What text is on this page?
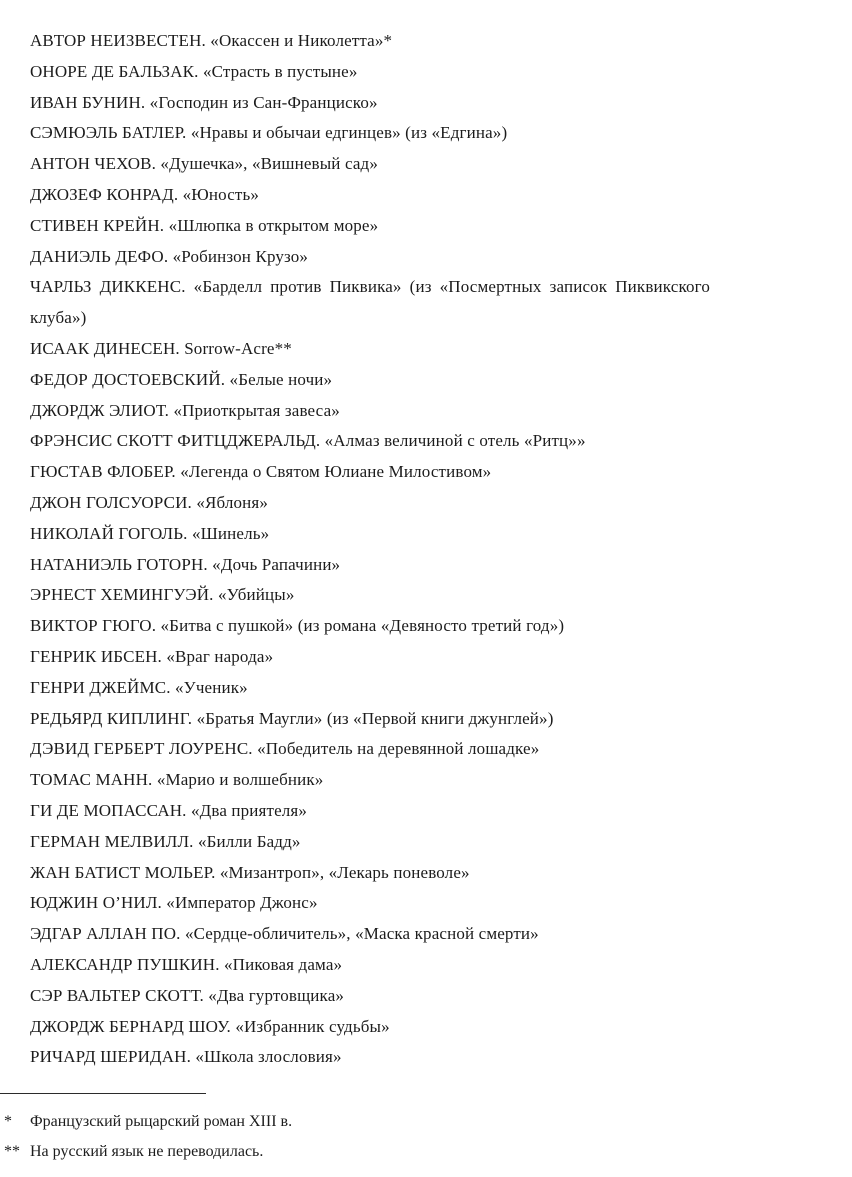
АВТОР НЕИЗВЕСТЕН. «Окассен и Николетта»*

ОНОРЕ ДЕ БАЛЬЗАК. «Страсть в пустыне»

ИВАН БУНИН. «Господин из Сан-Франциско»

СЭМЮЭЛЬ БАТЛЕР. «Нравы и обычаи едгинцев» (из «Едгина»)

АНТОН ЧЕХОВ. «Душечка», «Вишневый сад»

ДЖОЗЕФ КОНРАД. «Юность»

СТИВЕН КРЕЙН. «Шлюпка в открытом море»

ДАНИЭЛЬ ДЕФО. «Робинзон Крузо»

ЧАРЛЬЗ ДИККЕНС. «Барделл против Пиквика» (из «Посмертных записок Пиквикского клуба»)

ИСААК ДИНЕСЕН. Sorrow-Acre**

ФЕДОР ДОСТОЕВСКИЙ. «Белые ночи»

ДЖОРДЖ ЭЛИОТ. «Приоткрытая завеса»

ФРЭНСИС СКОТТ ФИТЦДЖЕРАЛЬД. «Алмаз величиной с отель «Ритц»»

ГЮСТАВ ФЛОБЕР. «Легенда о Святом Юлиане Милостивом»

ДЖОН ГОЛСУОРСИ. «Яблоня»

НИКОЛАЙ ГОГОЛЬ. «Шинель»

НАТАНИЭЛЬ ГОТОРН. «Дочь Рапачини»

ЭРНЕСТ ХЕМИНГУЭЙ. «Убийцы»

ВИКТОР ГЮГО. «Битва с пушкой» (из романа «Девяносто третий год»)

ГЕНРИК ИБСЕН. «Враг народа»

ГЕНРИ ДЖЕЙМС. «Ученик»

РЕДЬЯРД КИПЛИНГ. «Братья Маугли» (из «Первой книги джунглей»)

ДЭВИД ГЕРБЕРТ ЛОУРЕНС. «Победитель на деревянной лошадке»

ТОМАС МАНН. «Марио и волшебник»

ГИ ДЕ МОПАССАН. «Два приятеля»

ГЕРМАН МЕЛВИЛЛ. «Билли Бадд»

ЖАН БАТИСТ МОЛЬЕР. «Мизантроп», «Лекарь поневоле»

ЮДЖИН О’НИЛ. «Император Джонс»

ЭДГАР АЛЛАН ПО. «Сердце-обличитель», «Маска красной смерти»

АЛЕКСАНДР ПУШКИН. «Пиковая дама»

СЭР ВАЛЬТЕР СКОТТ. «Два гуртовщика»

ДЖОРДЖ БЕРНАРД ШОУ. «Избранник судьбы»

РИЧАРД ШЕРИДАН. «Школа злословия»

*	Французский рыцарский роман XIII в.

** На русский язык не переводилась.
